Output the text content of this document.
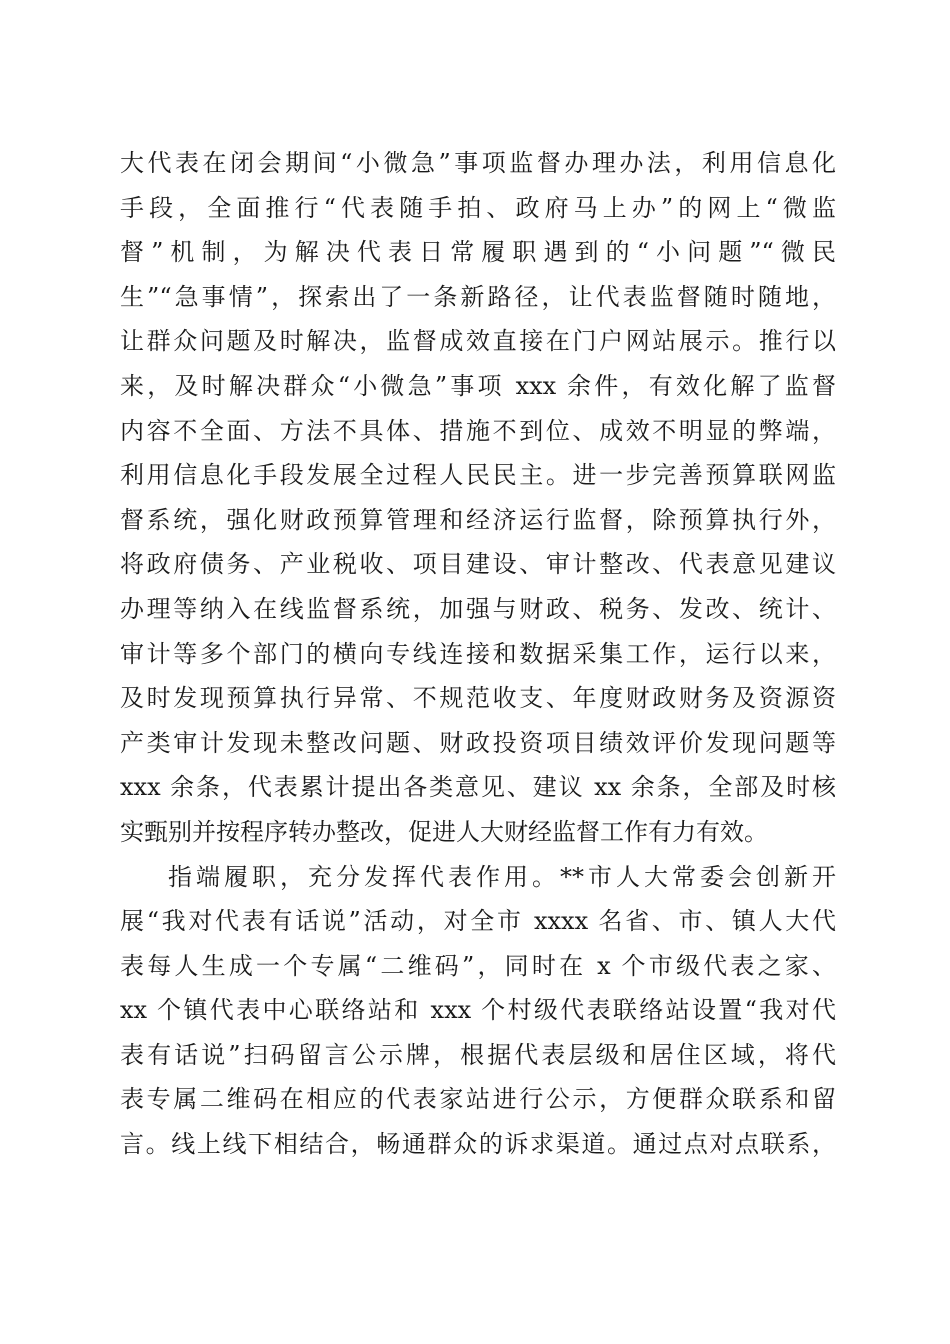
大代表在闭会期间“小微急”事项监督办理办法，利用信息化
手段，全面推行“代表随手拍、政府马上办”的网上“微监
督”机制，为解决代表日常履职遇到的“小问题”“微民
生”“急事情”，探索出了一条新路径，让代表监督随时随地，
让群众问题及时解决，监督成效直接在门户网站展示。推行以
来，及时解决群众“小微急”事项 xxx 余件，有效化解了监督
内容不全面、方法不具体、措施不到位、成效不明显的弊端，
利用信息化手段发展全过程人民民主。进一步完善预算联网监
督系统，强化财政预算管理和经济运行监督，除预算执行外，
将政府债务、产业税收、项目建设、审计整改、代表意见建议
办理等纳入在线监督系统，加强与财政、税务、发改、统计、
审计等多个部门的横向专线连接和数据采集工作，运行以来，
及时发现预算执行异常、不规范收支、年度财政财务及资源资
产类审计发现未整改问题、财政投资项目绩效评价发现问题等
xxx 余条，代表累计提出各类意见、建议 xx 余条，全部及时核
实甄别并按程序转办整改，促进人大财经监督工作有力有效。
指端履职，充分发挥代表作用。**市人大常委会创新开
展“我对代表有话说”活动，对全市 xxxx 名省、市、镇人大代
表每人生成一个专属“二维码”，同时在 x 个市级代表之家、
xx 个镇代表中心联络站和 xxx 个村级代表联络站设置“我对代
表有话说”扫码留言公示牌，根据代表层级和居住区域，将代
表专属二维码在相应的代表家站进行公示，方便群众联系和留
言。线上线下相结合，畅通群众的诉求渠道。通过点对点联系，
